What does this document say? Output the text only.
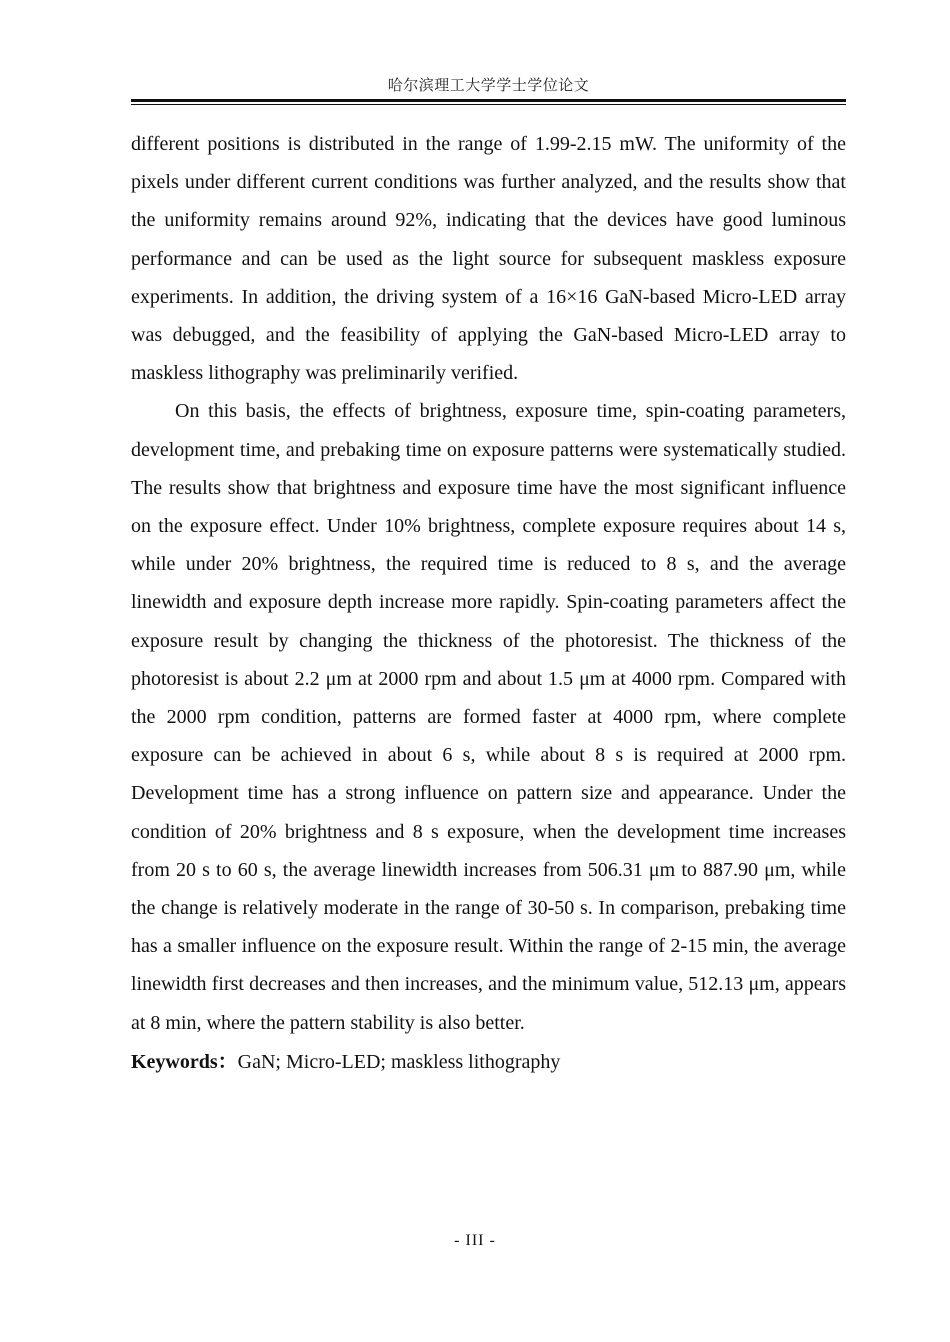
哈尔滨理工大学学士学位论文

different positions is distributed in the range of 1.99-2.15 mW. The uniformity of the pixels under different current conditions was further analyzed, and the results show that the uniformity remains around 92%, indicating that the devices have good luminous performance and can be used as the light source for subsequent maskless exposure experiments. In addition, the driving system of a 16×16 GaN-based Micro-LED array was debugged, and the feasibility of applying the GaN-based Micro-LED array to maskless lithography was preliminarily verified.

On this basis, the effects of brightness, exposure time, spin-coating parameters, development time, and prebaking time on exposure patterns were systematically studied. The results show that brightness and exposure time have the most significant influence on the exposure effect. Under 10% brightness, complete exposure requires about 14 s, while under 20% brightness, the required time is reduced to 8 s, and the average linewidth and exposure depth increase more rapidly. Spin-coating parameters affect the exposure result by changing the thickness of the photoresist. The thickness of the photoresist is about 2.2 μm at 2000 rpm and about 1.5 μm at 4000 rpm. Compared with the 2000 rpm condition, patterns are formed faster at 4000 rpm, where complete exposure can be achieved in about 6 s, while about 8 s is required at 2000 rpm. Development time has a strong influence on pattern size and appearance. Under the condition of 20% brightness and 8 s exposure, when the development time increases from 20 s to 60 s, the average linewidth increases from 506.31 μm to 887.90 μm, while the change is relatively moderate in the range of 30-50 s. In comparison, prebaking time has a smaller influence on the exposure result. Within the range of 2-15 min, the average linewidth first decreases and then increases, and the minimum value, 512.13 μm, appears at 8 min, where the pattern stability is also better.

Keywords：GaN; Micro-LED; maskless lithography

- III -
